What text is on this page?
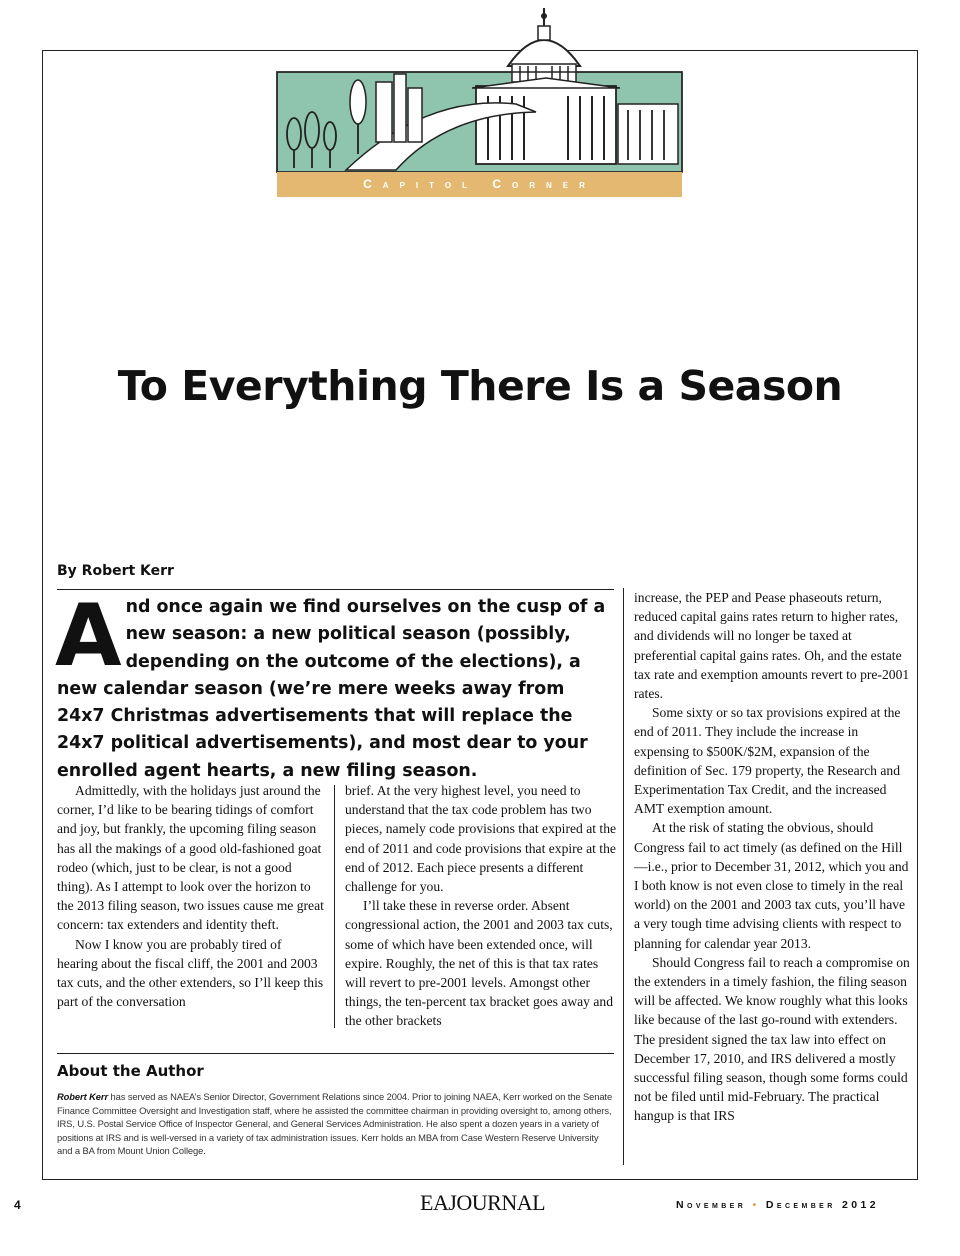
Capitol Corner
To Everything There Is a Season
By Robert Kerr
A nd once again we find ourselves on the cusp of a new season: a new political season (possibly, depending on the outcome of the elections), a new calendar season (we’re mere weeks away from 24x7 Christmas advertisements that will replace the 24x7 political advertisements), and most dear to your enrolled agent hearts, a new filing season.

Admittedly, with the holidays just around the corner, I’d like to be bearing tidings of comfort and joy, but frankly, the upcoming filing season has all the makings of a good old-fashioned goat rodeo (which, just to be clear, is not a good thing). As I attempt to look over the horizon to the 2013 filing season, two issues cause me great concern: tax extenders and identity theft.

Now I know you are probably tired of hearing about the fiscal cliff, the 2001 and 2003 tax cuts, and the other extenders, so I’ll keep this part of the conversation

brief. At the very highest level, you need to understand that the tax code problem has two pieces, namely code provisions that expired at the end of 2011 and code provisions that expire at the end of 2012. Each piece presents a different challenge for you.

I’ll take these in reverse order. Absent congressional action, the 2001 and 2003 tax cuts, some of which have been extended once, will expire. Roughly, the net of this is that tax rates will revert to pre-2001 levels. Amongst other things, the ten-percent tax bracket goes away and the other brackets

increase, the PEP and Pease phaseouts return, reduced capital gains rates return to higher rates, and dividends will no longer be taxed at preferential capital gains rates. Oh, and the estate tax rate and exemption amounts revert to pre-2001 rates.

Some sixty or so tax provisions expired at the end of 2011. They include the increase in expensing to $500K/$2M, expansion of the definition of Sec. 179 property, the Research and Experimentation Tax Credit, and the increased AMT exemption amount.

At the risk of stating the obvious, should Congress fail to act timely (as defined on the Hill—i.e., prior to December 31, 2012, which you and I both know is not even close to timely in the real world) on the 2001 and 2003 tax cuts, you’ll have a very tough time advising clients with respect to planning for calendar year 2013.

Should Congress fail to reach a compromise on the extenders in a timely fashion, the filing season will be affected. We know roughly what this looks like because of the last go-round with extenders. The president signed the tax law into effect on December 17, 2010, and IRS delivered a mostly successful filing season, though some forms could not be filed until mid-February. The practical hangup is that IRS

About the Author
Robert Kerr has served as NAEA’s Senior Director, Government Relations since 2004. Prior to joining NAEA, Kerr worked on the Senate Finance Committee Oversight and Investigation staff, where he assisted the committee chairman in providing oversight to, among others, IRS, U.S. Postal Service Office of Inspector General, and General Services Administration. He also spent a dozen years in a variety of positions at IRS and is well-versed in a variety of tax administration issues. Kerr holds an MBA from Case Western Reserve University and a BA from Mount Union College.
4	EAJOURNAL	November • December 2012
